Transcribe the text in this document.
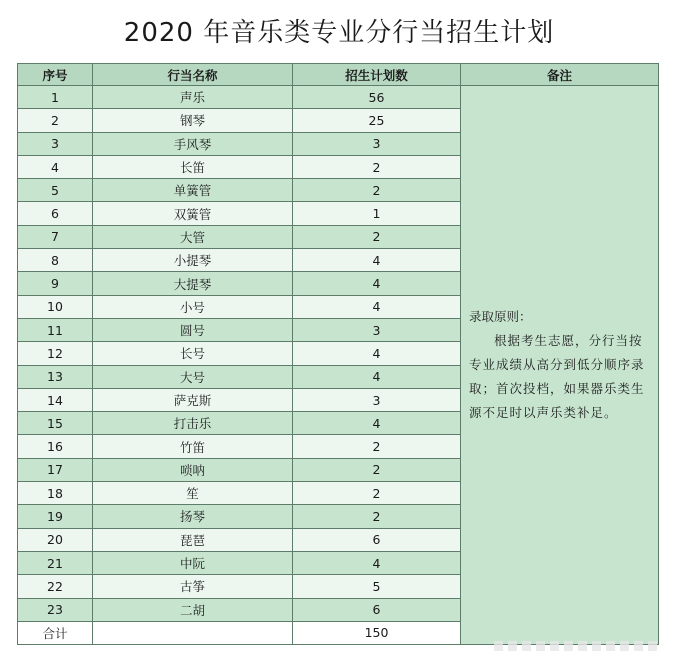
2020 年音乐类专业分行当招生计划
序号	行当名称	招生计划数	备注
1	声乐	56	录取原则：
根据考生志愿，分行当按专业成绩从高分到低分顺序录取；首次投档，如果器乐类生源不足时以声乐类补足。

2	钢琴	25	
3	手风琴	3	
4	长笛	2	
5	单簧管	2	
6	双簧管	1	
7	大管	2	
8	小提琴	4	
9	大提琴	4	
10	小号	4	
11	圆号	3	
12	长号	4	
13	大号	4	
14	萨克斯	3	
15	打击乐	4	
16	竹笛	2	
17	唢呐	2	
18	笙	2	
19	扬琴	2	
20	琵琶	6	
21	中阮	4	
22	古筝	5	
23	二胡	6	
合计		150	
